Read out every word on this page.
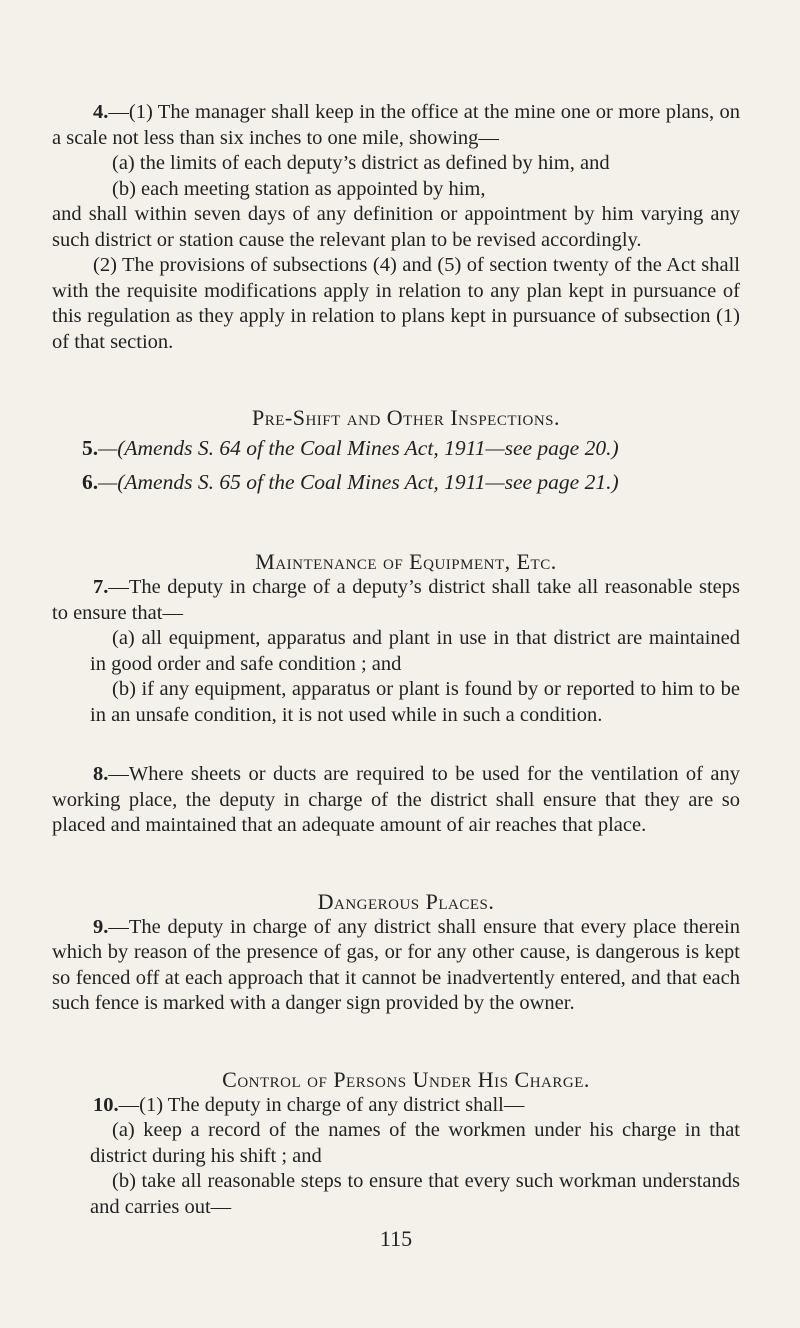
4.—(1) The manager shall keep in the office at the mine one or more plans, on a scale not less than six inches to one mile, showing—

(a) the limits of each deputy’s district as defined by him, and

(b) each meeting station as appointed by him,

and shall within seven days of any definition or appointment by him varying any such district or station cause the relevant plan to be revised accordingly.

(2) The provisions of subsections (4) and (5) of section twenty of the Act shall with the requisite modifications apply in relation to any plan kept in pursuance of this regulation as they apply in relation to plans kept in pursuance of subsection (1) of that section.

Pre-Shift and Other Inspections.

5.—(Amends S. 64 of the Coal Mines Act, 1911—see page 20.)

6.—(Amends S. 65 of the Coal Mines Act, 1911—see page 21.)

Maintenance of Equipment, Etc.

7.—The deputy in charge of a deputy’s district shall take all reasonable steps to ensure that—

(a) all equipment, apparatus and plant in use in that district are maintained in good order and safe condition ; and

(b) if any equipment, apparatus or plant is found by or reported to him to be in an unsafe condition, it is not used while in such a condition.

8.—Where sheets or ducts are required to be used for the ventilation of any working place, the deputy in charge of the district shall ensure that they are so placed and maintained that an adequate amount of air reaches that place.

Dangerous Places.

9.—The deputy in charge of any district shall ensure that every place therein which by reason of the presence of gas, or for any other cause, is dangerous is kept so fenced off at each approach that it cannot be inadvertently entered, and that each such fence is marked with a danger sign provided by the owner.

Control of Persons Under His Charge.

10.—(1) The deputy in charge of any district shall—

(a) keep a record of the names of the workmen under his charge in that district during his shift ; and

(b) take all reasonable steps to ensure that every such workman understands and carries out—

115
